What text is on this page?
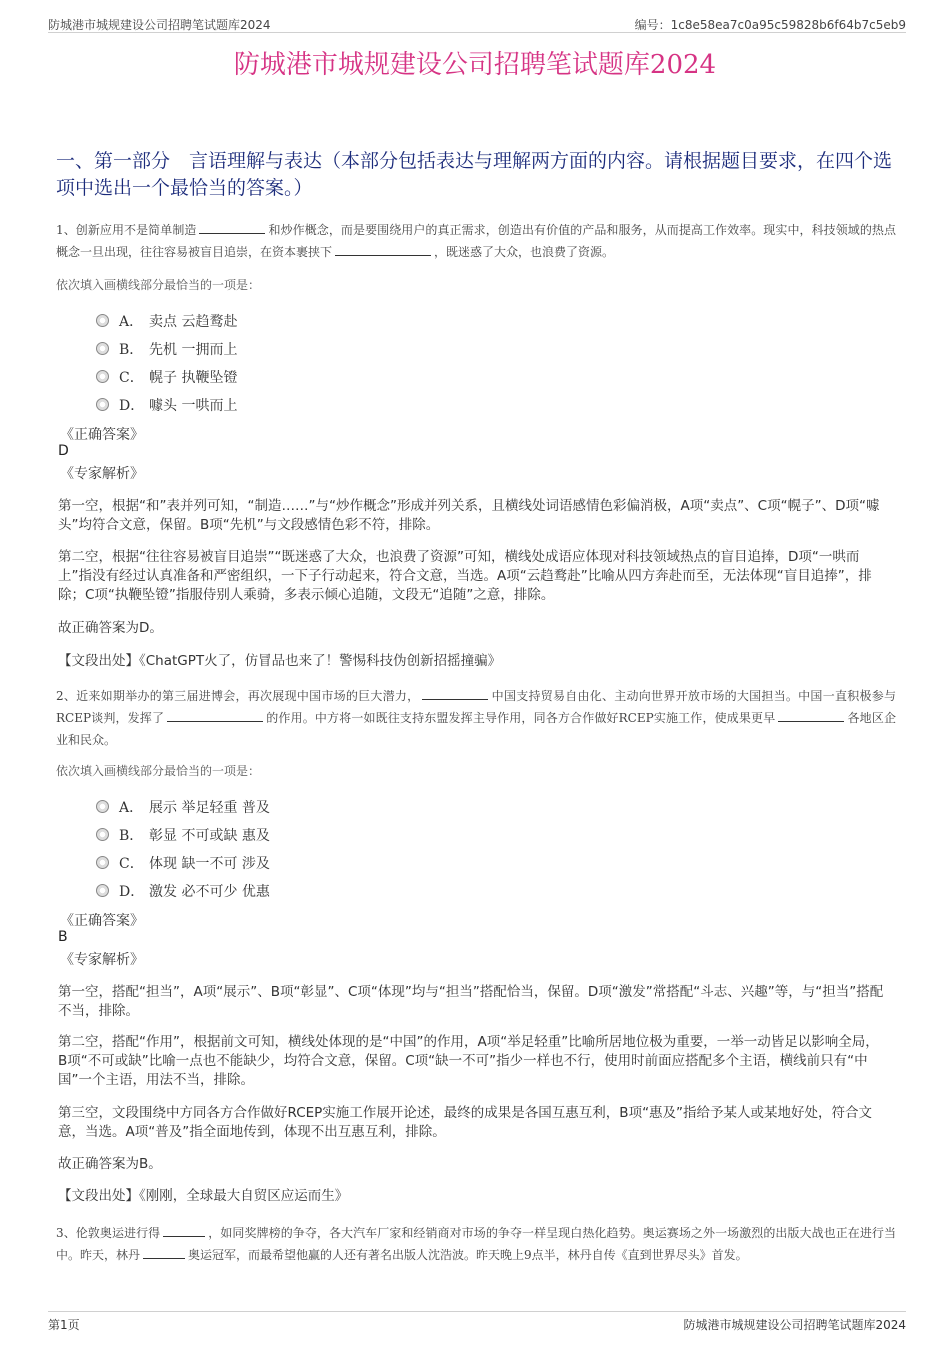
防城港市城规建设公司招聘笔试题库2024	编号：1c8e58ea7c0a95c59828b6f64b7c5eb9
防城港市城规建设公司招聘笔试题库2024
一、第一部分　言语理解与表达（本部分包括表达与理解两方面的内容。请根据题目要求，在四个选项中选出一个最恰当的答案。）
1、创新应用不是简单制造	和炒作概念，而是要围绕用户的真正需求，创造出有价值的产品和服务，从而提高工作效率。现实中，科技领域的热点概念一旦出现，往往容易被盲目追崇，在资本裹挟下	，既迷惑了大众，也浪费了资源。
依次填入画横线部分最恰当的一项是：
A． 卖点 云趋鹜赴
B． 先机 一拥而上
C． 幌子 执鞭坠镫
D． 噱头 一哄而上
《正确答案》
D
《专家解析》
第一空，根据“和”表并列可知，“制造……”与“炒作概念”形成并列关系，且横线处词语感情色彩偏消极，A项“卖点”、C项“幌子”、D项“噱头”均符合文意，保留。B项“先机”与文段感情色彩不符，排除。
第二空，根据“往往容易被盲目追崇”“既迷惑了大众，也浪费了资源”可知，横线处成语应体现对科技领域热点的盲目追捧，D项“一哄而上”指没有经过认真准备和严密组织，一下子行动起来，符合文意，当选。A项“云趋鹜赴”比喻从四方奔赴而至，无法体现“盲目追捧”，排除；C项“执鞭坠镫”指服侍别人乘骑，多表示倾心追随，文段无“追随”之意，排除。
故正确答案为D。
【文段出处】《ChatGPT火了，仿冒品也来了！警惕科技伪创新招摇撞骗》
2、近来如期举办的第三届进博会，再次展现中国市场的巨大潜力，	中国支持贸易自由化、主动向世界开放市场的大国担当。中国一直积极参与RCEP谈判，发挥了	的作用。中方将一如既往支持东盟发挥主导作用，同各方合作做好RCEP实施工作，使成果更早	各地区企业和民众。
依次填入画横线部分最恰当的一项是：
A． 展示 举足轻重 普及
B． 彰显 不可或缺 惠及
C． 体现 缺一不可 涉及
D． 激发 必不可少 优惠
《正确答案》
B
《专家解析》
第一空，搭配“担当”，A项“展示”、B项“彰显”、C项“体现”均与“担当”搭配恰当，保留。D项“激发”常搭配“斗志、兴趣”等，与“担当”搭配不当，排除。
第二空，搭配“作用”，根据前文可知，横线处体现的是“中国”的作用，A项“举足轻重”比喻所居地位极为重要，一举一动皆足以影响全局，B项“不可或缺”比喻一点也不能缺少，均符合文意，保留。C项“缺一不可”指少一样也不行，使用时前面应搭配多个主语，横线前只有“中国”一个主语，用法不当，排除。
第三空，文段围绕中方同各方合作做好RCEP实施工作展开论述，最终的成果是各国互惠互利，B项“惠及”指给予某人或某地好处，符合文意，当选。A项“普及”指全面地传到，体现不出互惠互利，排除。
故正确答案为B。
【文段出处】《刚刚，全球最大自贸区应运而生》
3、伦敦奥运进行得	，如同奖牌榜的争夺，各大汽车厂家和经销商对市场的争夺一样呈现白热化趋势。奥运赛场之外一场激烈的出版大战也正在进行当中。昨天，林丹	奥运冠军，而最希望他赢的人还有著名出版人沈浩波。昨天晚上9点半，林丹自传《直到世界尽头》首发。
第1页	防城港市城规建设公司招聘笔试题库2024
